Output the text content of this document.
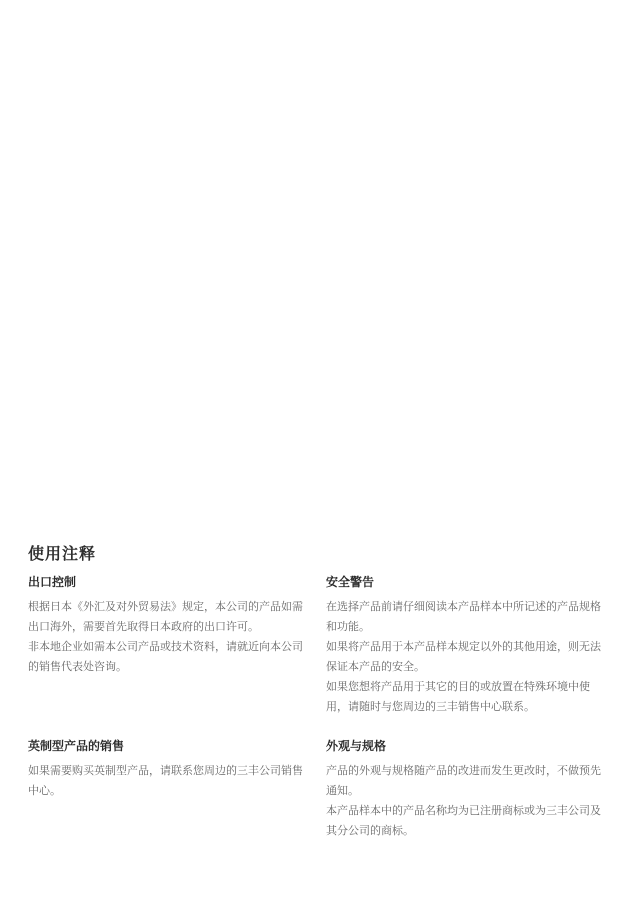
使用注释
出口控制

根据日本《外汇及对外贸易法》规定，本公司的产品如需出口海外，需要首先取得日本政府的出口许可。

非本地企业如需本公司产品或技术资料，请就近向本公司的销售代表处咨询。

安全警告

在选择产品前请仔细阅读本产品样本中所记述的产品规格和功能。

如果将产品用于本产品样本规定以外的其他用途，则无法保证本产品的安全。

如果您想将产品用于其它的目的或放置在特殊环境中使用，请随时与您周边的三丰销售中心联系。

英制型产品的销售

如果需要购买英制型产品，请联系您周边的三丰公司销售中心。

外观与规格

产品的外观与规格随产品的改进而发生更改时，不做预先通知。

本产品样本中的产品名称均为已注册商标或为三丰公司及其分公司的商标。
